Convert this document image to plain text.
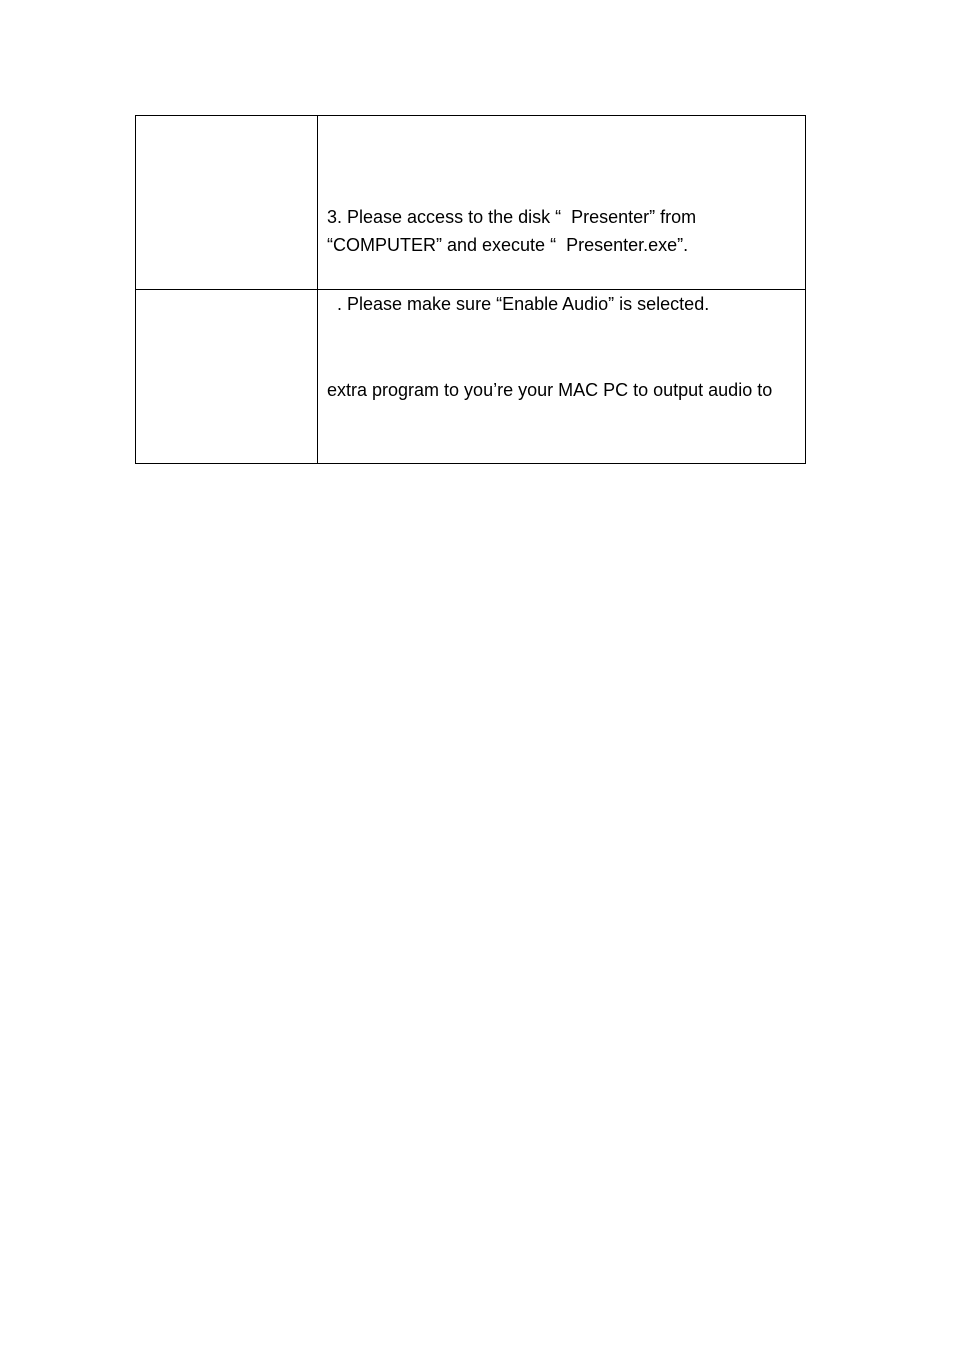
3. Please access to the disk “  Presenter” from
“COMPUTER” and execute “  Presenter.exe”.
. Please make sure “Enable Audio” is selected.
extra program to you’re your MAC PC to output audio to
